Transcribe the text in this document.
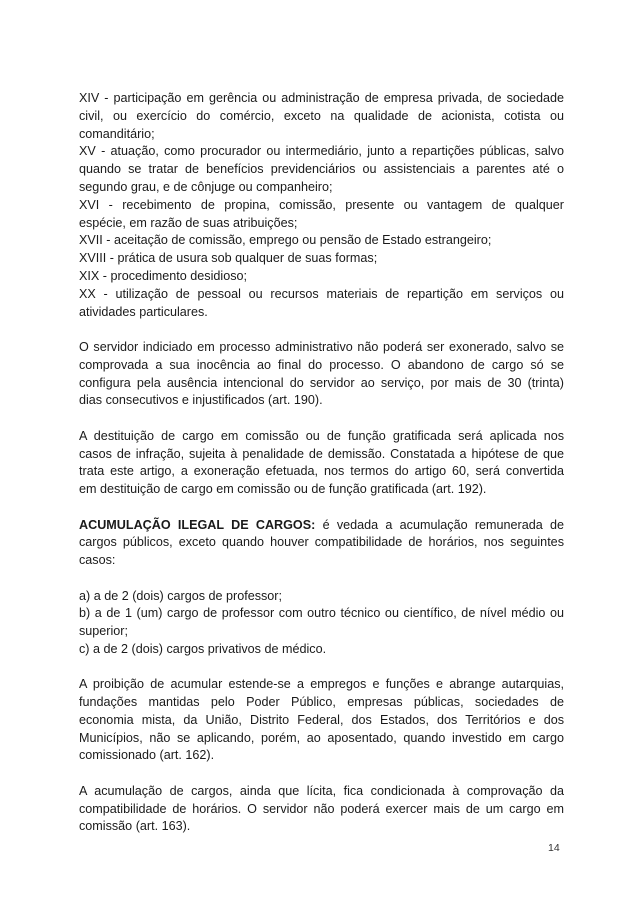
XIV - participação em gerência ou administração de empresa privada, de sociedade
civil, ou exercício do comércio, exceto na qualidade de acionista, cotista ou
comanditário;
XV - atuação, como procurador ou intermediário, junto a repartições públicas, salvo
quando se tratar de benefícios previdenciários ou assistenciais a parentes até o
segundo grau, e de cônjuge ou companheiro;
XVI - recebimento de propina, comissão, presente ou vantagem de qualquer
espécie, em razão de suas atribuições;
XVII - aceitação de comissão, emprego ou pensão de Estado estrangeiro;
XVIII - prática de usura sob qualquer de suas formas;
XIX - procedimento desidioso;
XX - utilização de pessoal ou recursos materiais de repartição em serviços ou
atividades particulares.
O servidor indiciado em processo administrativo não poderá ser exonerado, salvo se
comprovada a sua inocência ao final do processo. O abandono de cargo só se
configura pela ausência intencional do servidor ao serviço, por mais de 30 (trinta)
dias consecutivos e injustificados (art. 190).
A destituição de cargo em comissão ou de função gratificada será aplicada nos
casos de infração, sujeita à penalidade de demissão. Constatada a hipótese de que
trata este artigo, a exoneração efetuada, nos termos do artigo 60, será convertida
em destituição de cargo em comissão ou de função gratificada (art. 192).
ACUMULAÇÃO ILEGAL DE CARGOS: é vedada a acumulação remunerada de
cargos públicos, exceto quando houver compatibilidade de horários, nos seguintes
casos:
a) a de 2 (dois) cargos de professor;
b) a de 1 (um) cargo de professor com outro técnico ou científico, de nível médio ou
superior;
c) a de 2 (dois) cargos privativos de médico.
A proibição de acumular estende-se a empregos e funções e abrange autarquias,
fundações mantidas pelo Poder Público, empresas públicas, sociedades de
economia mista, da União, Distrito Federal, dos Estados, dos Territórios e dos
Municípios, não se aplicando, porém, ao aposentado, quando investido em cargo
comissionado (art. 162).
A acumulação de cargos, ainda que lícita, fica condicionada à comprovação da
compatibilidade de horários. O servidor não poderá exercer mais de um cargo em
comissão (art. 163).
14
